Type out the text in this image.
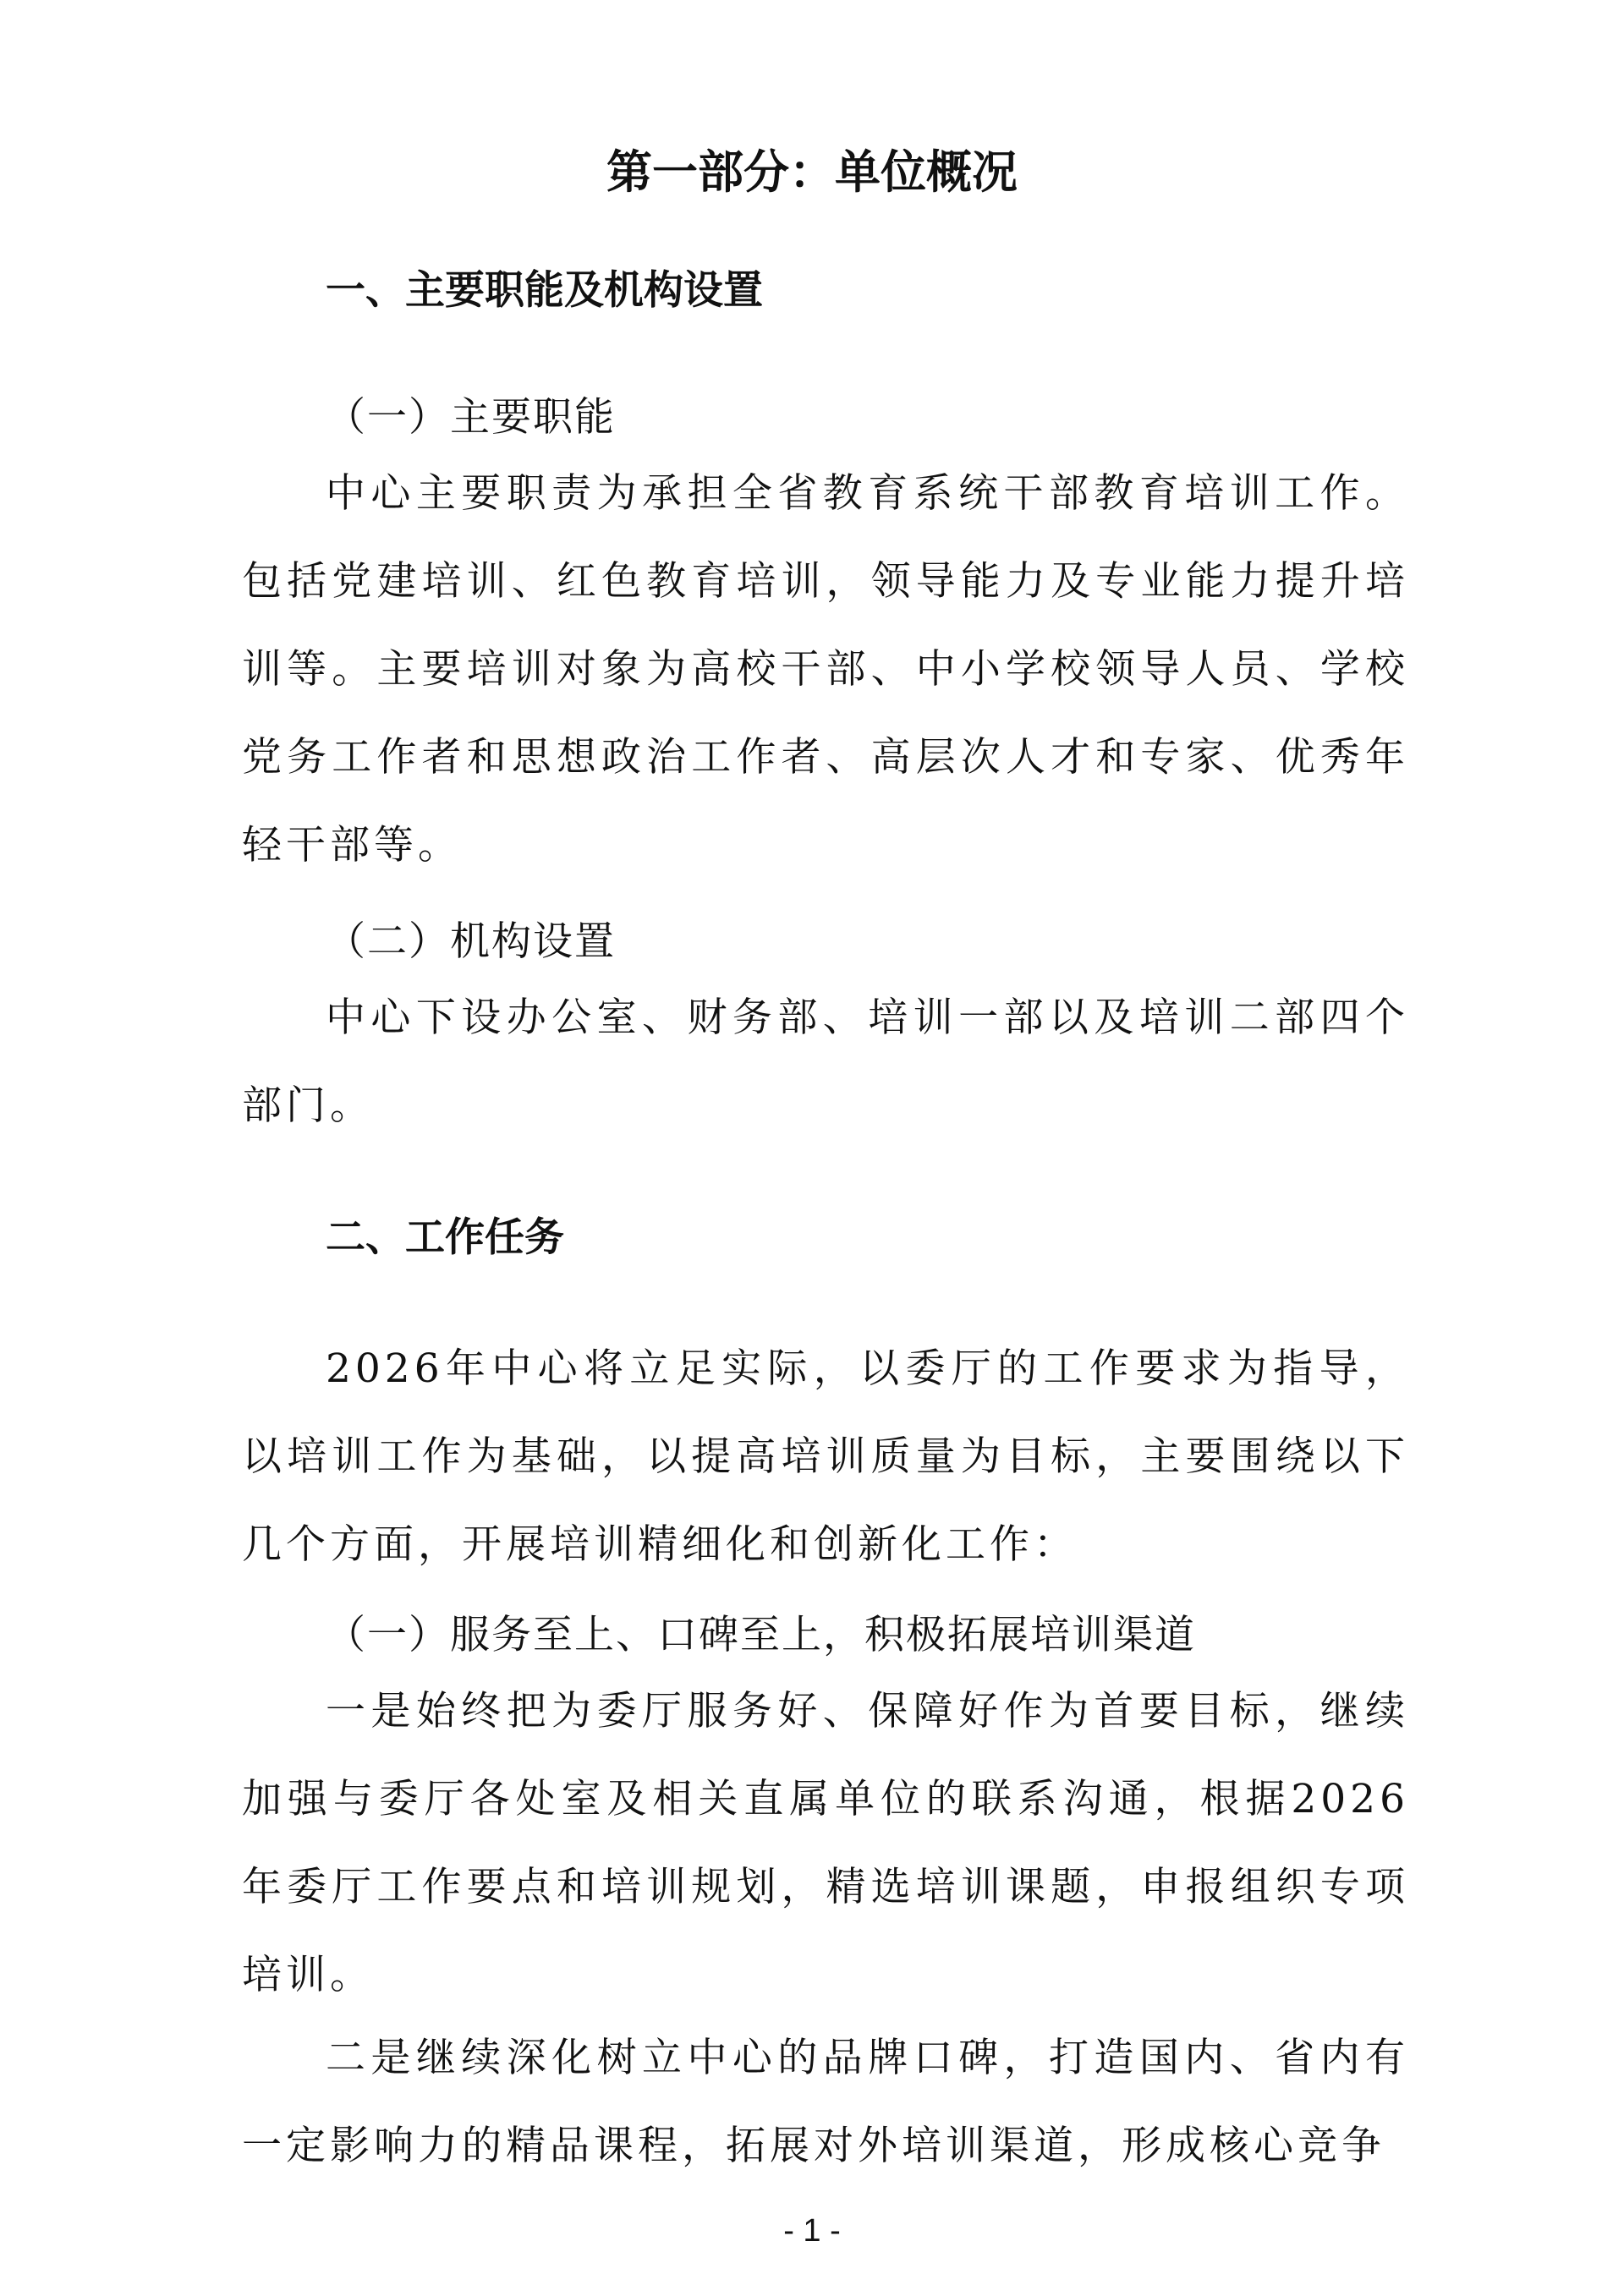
第一部分：单位概况
一、主要职能及机构设置

（一）主要职能

中心主要职责为承担全省教育系统干部教育培训工作。包括党建培训、红色教育培训，领导能力及专业能力提升培训等。主要培训对象为高校干部、中小学校领导人员、学校党务工作者和思想政治工作者、高层次人才和专家、优秀年轻干部等。

（二）机构设置

中心下设办公室、财务部、培训一部以及培训二部四个部门。

二、工作任务

2026年中心将立足实际，以委厅的工作要求为指导，以培训工作为基础，以提高培训质量为目标，主要围绕以下几个方面，开展培训精细化和创新化工作：

（一）服务至上、口碑至上，积极拓展培训渠道

一是始终把为委厅服务好、保障好作为首要目标，继续加强与委厅各处室及相关直属单位的联系沟通，根据2026年委厅工作要点和培训规划，精选培训课题，申报组织专项培训。

二是继续深化树立中心的品牌口碑，打造国内、省内有一定影响力的精品课程，拓展对外培训渠道，形成核心竞争

- 1 -
